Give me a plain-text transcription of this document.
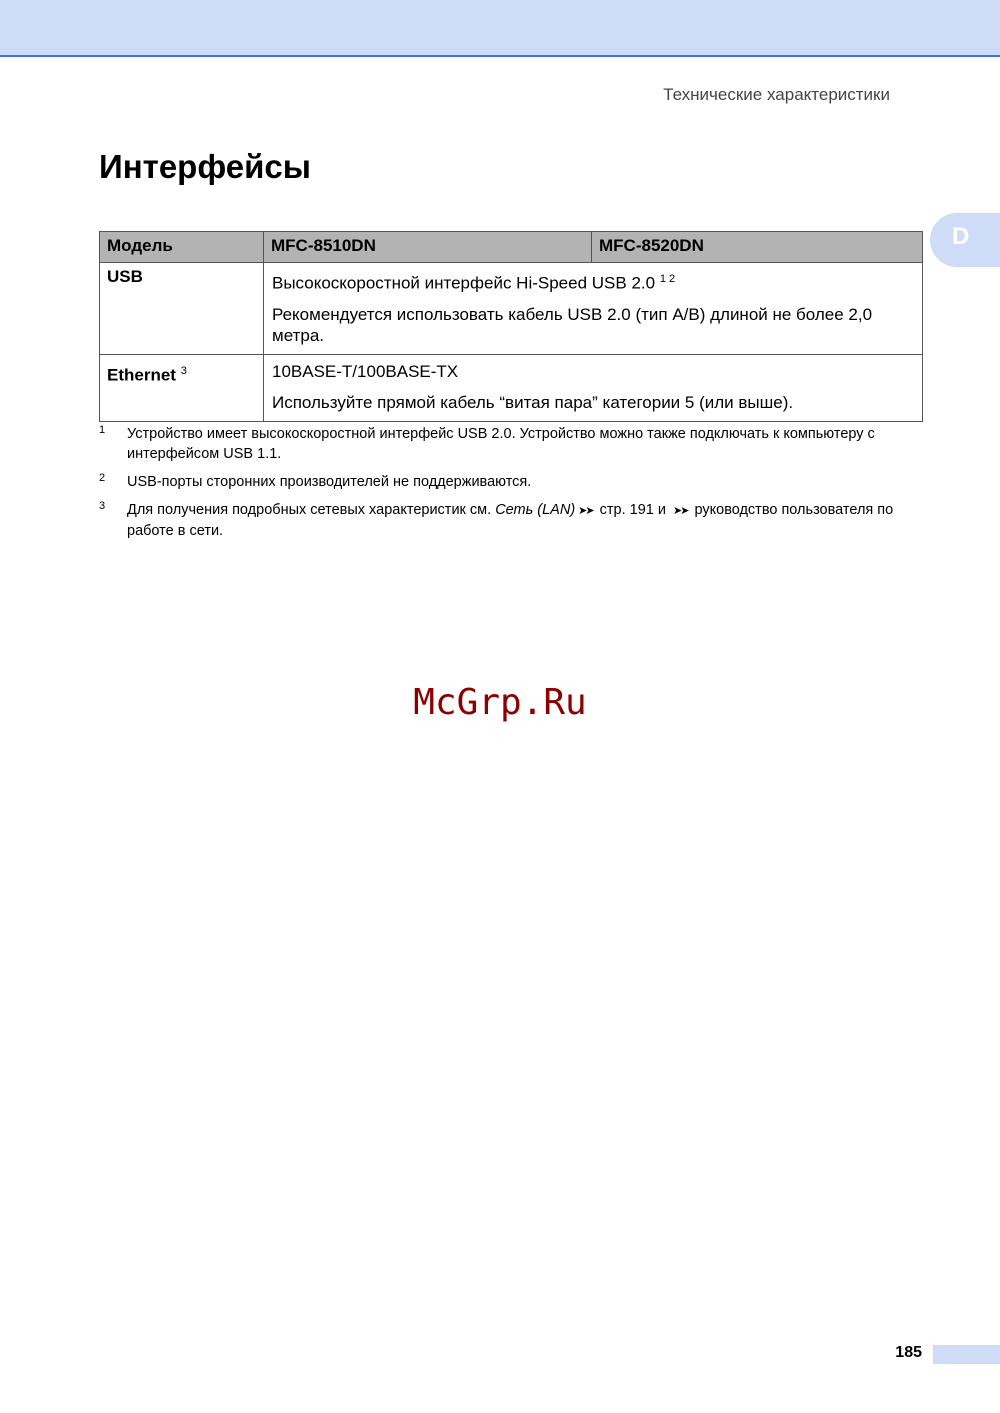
Технические характеристики
Интерфейсы
D
Модель	MFC-8510DN	MFC-8520DN
USB	Высокоскоростной интерфейс Hi-Speed USB 2.0 $^{1 2}$
Рекомендуется использовать кабель USB 2.0 (тип A/B) длиной не более 2,0 метра.	

Ethernet $^3$	10BASE-T/100BASE-TX
Используйте прямой кабель “витая пара” категории 5 (или выше).	
1 Устройство имеет высокоскоростной интерфейс USB 2.0. Устройство можно также подключать к компьютеру с интерфейсом USB 1.1.
2 USB-порты сторонних производителей не поддерживаются.
3 Для получения подробных сетевых характеристик см. Сеть (LAN) ➤➤ стр. 191 и ➤➤ руководство пользователя по работе в сети.
McGrp.Ru
185
